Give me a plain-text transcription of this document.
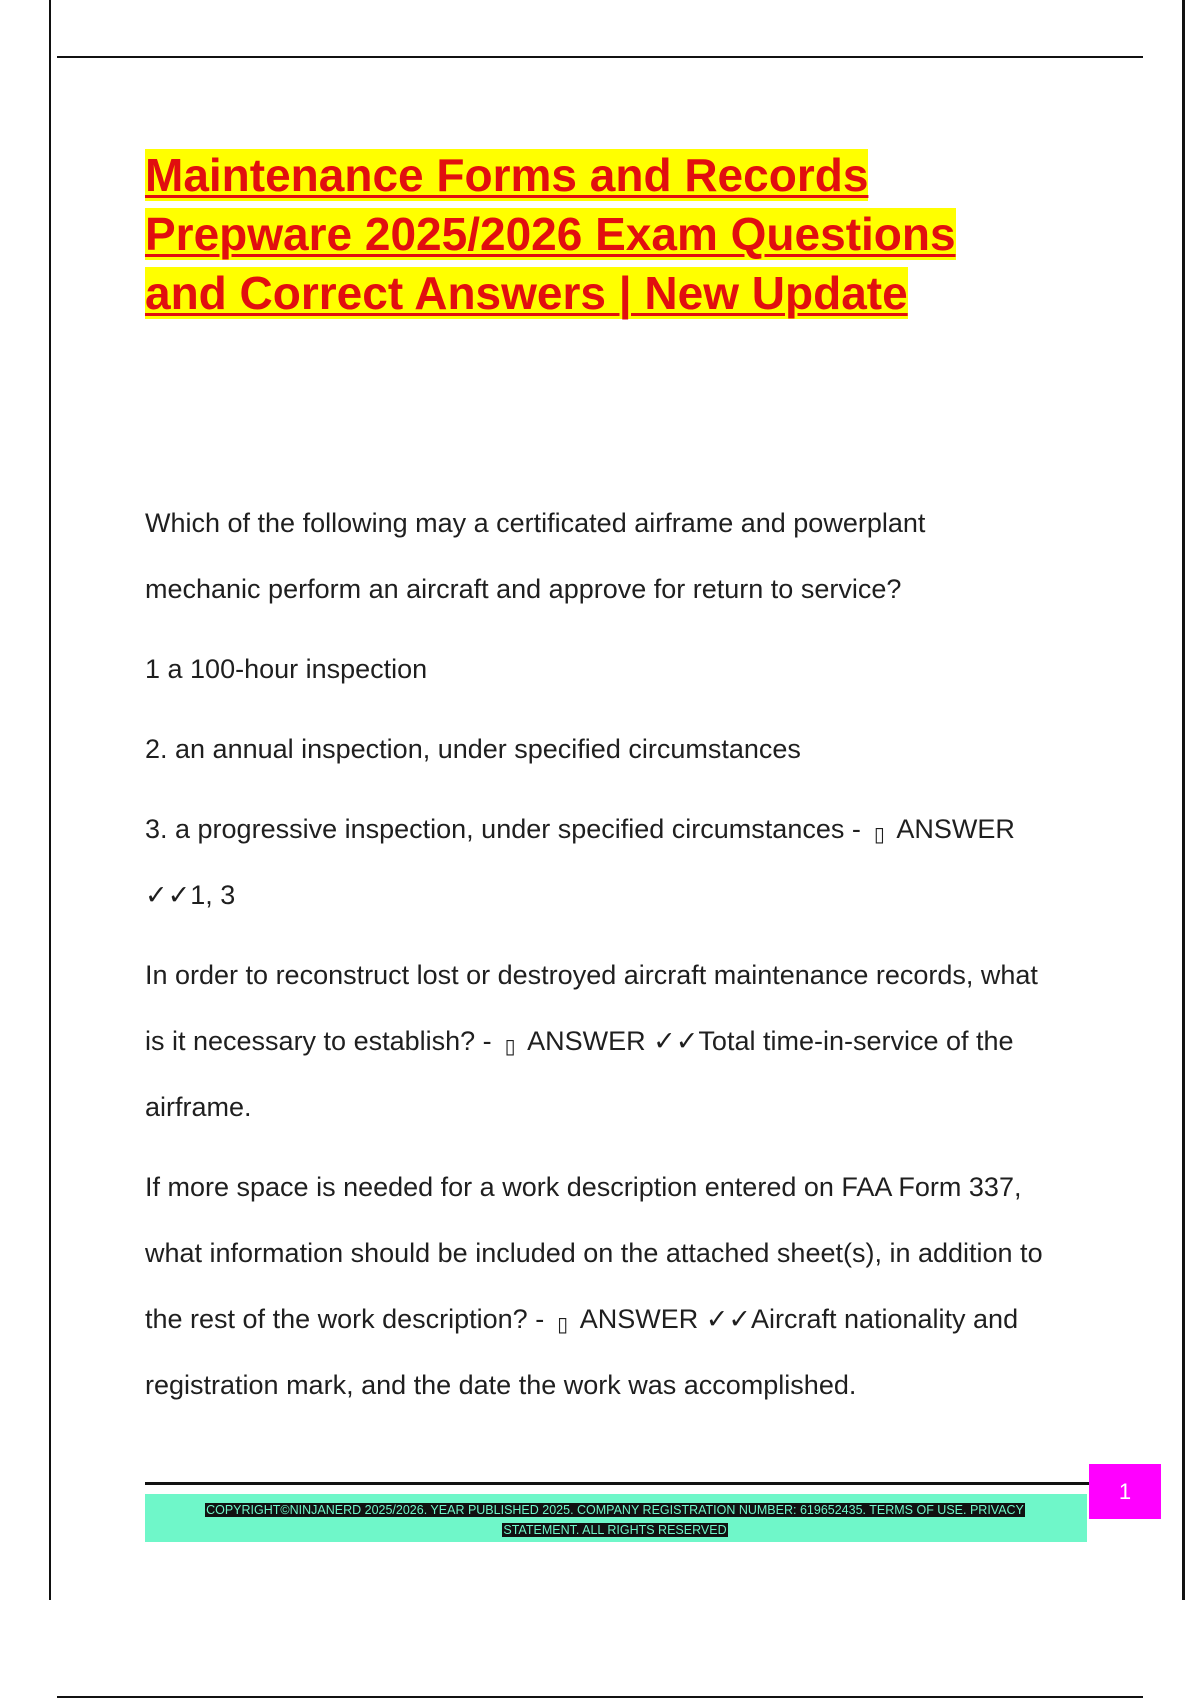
Maintenance Forms and Records
Prepware 2025/2026 Exam Questions
and Correct Answers | New Update

Which of the following may a certificated airframe and powerplant

mechanic perform an aircraft and approve for return to service?

1 a 100-hour inspection

2. an annual inspection, under specified circumstances

3. a progressive inspection, under specified circumstances - ▯ ANSWER

✓✓1, 3

In order to reconstruct lost or destroyed aircraft maintenance records, what

is it necessary to establish? - ▯ ANSWER ✓✓Total time-in-service of the

airframe.

If more space is needed for a work description entered on FAA Form 337,

what information should be included on the attached sheet(s), in addition to

the rest of the work description? - ▯ ANSWER ✓✓Aircraft nationality and

registration mark, and the date the work was accomplished.

COPYRIGHT©NINJANERD 2025/2026. YEAR PUBLISHED 2025. COMPANY REGISTRATION NUMBER: 619652435. TERMS OF USE. PRIVACY
STATEMENT. ALL RIGHTS RESERVED

1
